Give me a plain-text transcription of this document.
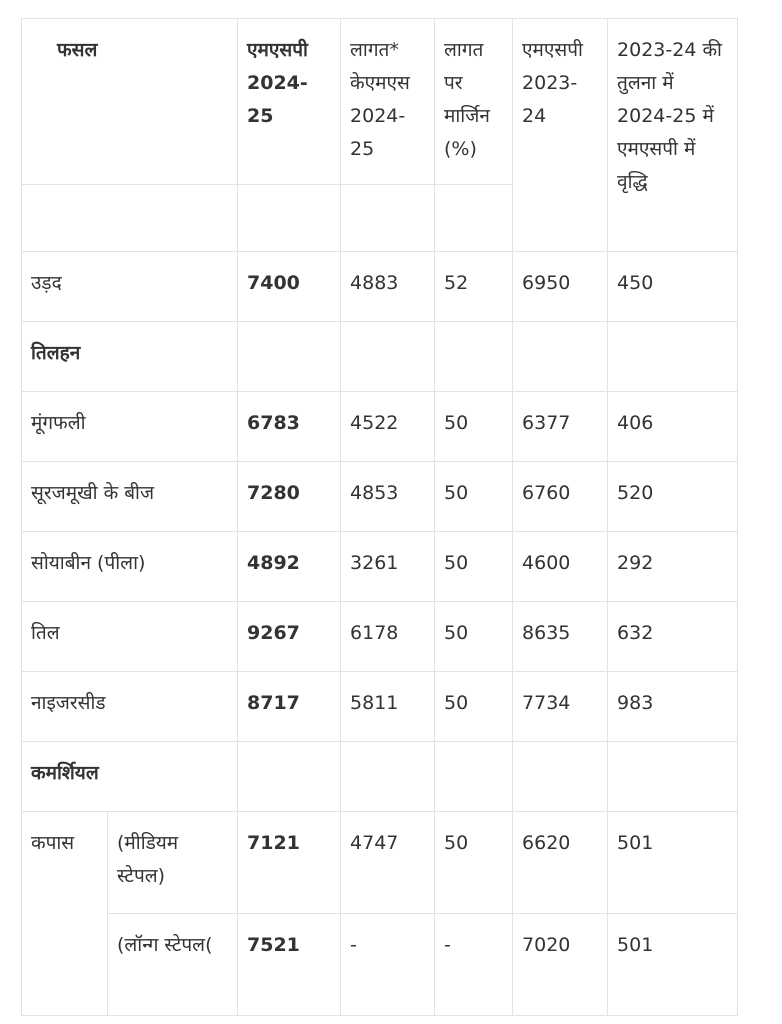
फसल		एमएसपी 2024-25	लागत* केएमएस 2024-25	लागत पर मार्जिन (%)	एमएसपी 2023-24	2023-24 की तुलना में 2024-25 में एमएसपी में वृद्धि

उड़द		7400	4883	52	6950	450
तिलहन						
मूंगफली		6783	4522	50	6377	406
सूरजमूखी के बीज		7280	4853	50	6760	520
सोयाबीन (पीला)		4892	3261	50	4600	292
तिल		9267	6178	50	8635	632
नाइजरसीड		8717	5811	50	7734	983
कमर्शियल						
कपास	(मीडियम स्टेपल)	7121	4747	50	6620	501
	(लॉन्ग स्टेपल(	7521	-	-	7020	501
